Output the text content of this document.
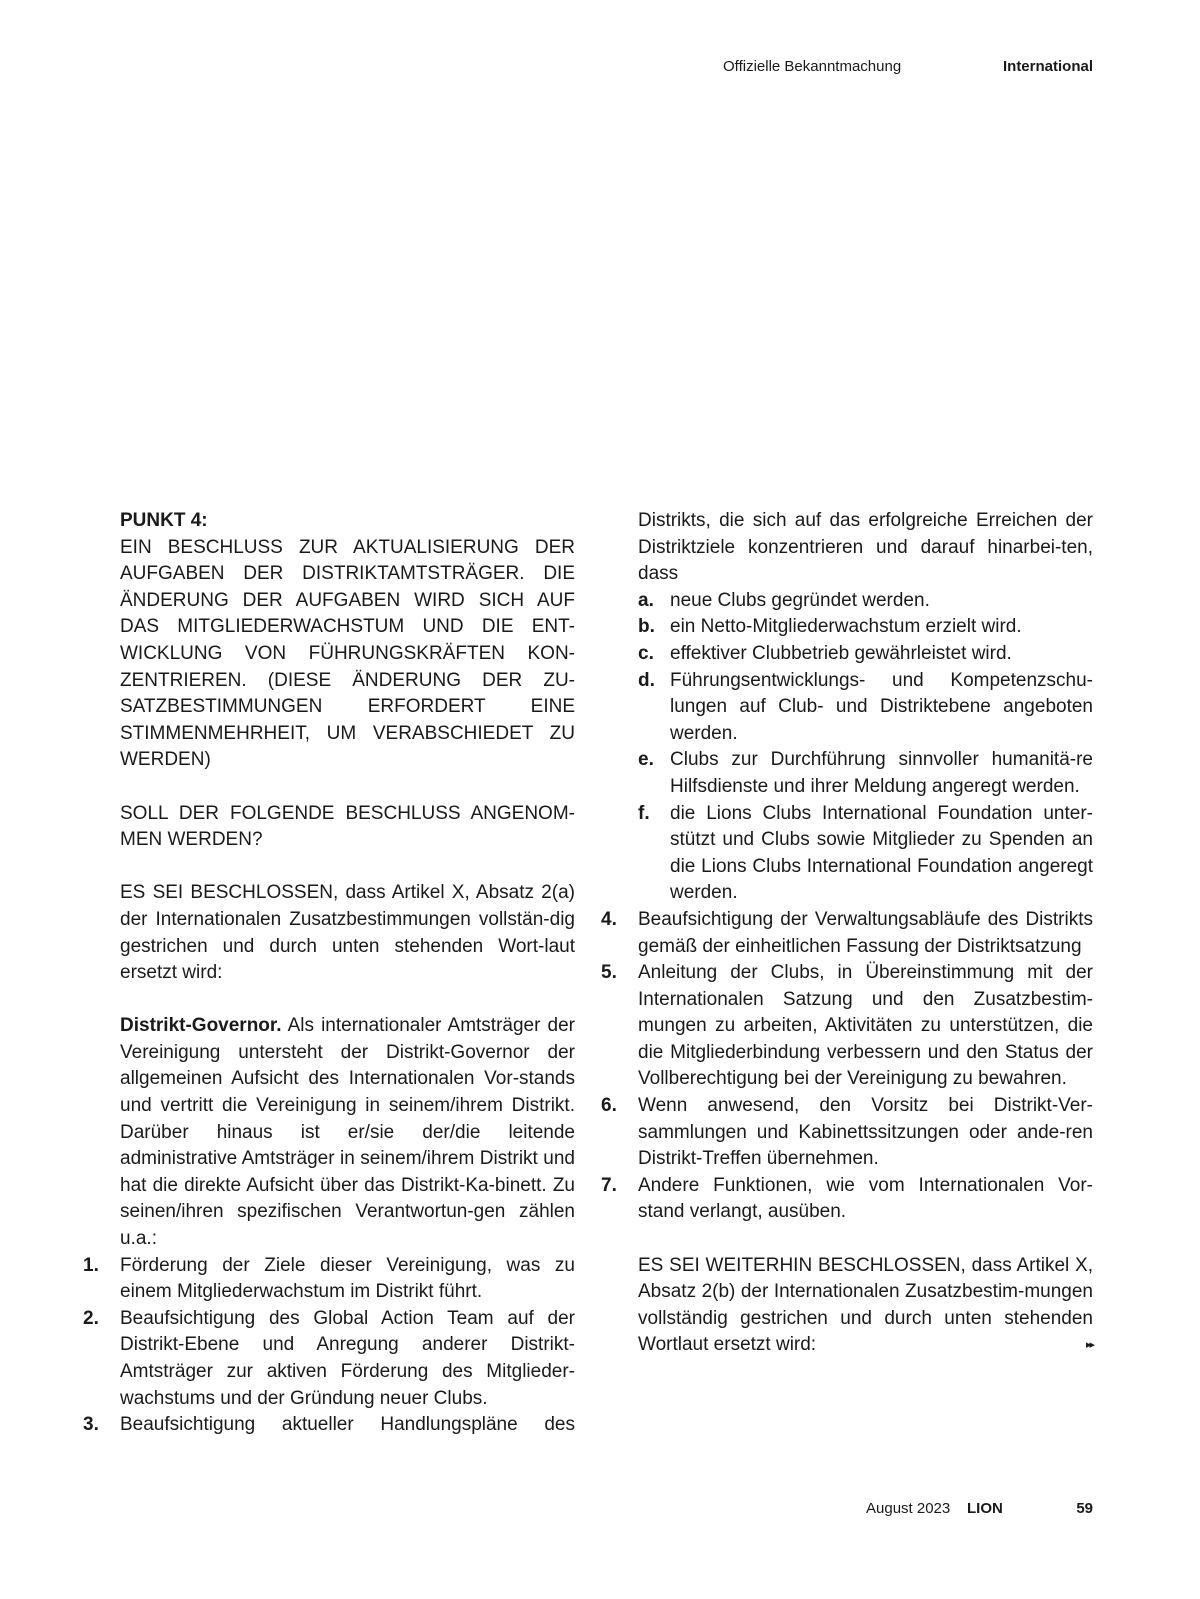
Offizielle Bekanntmachung	International

PUNKT 4:

EIN BESCHLUSS ZUR AKTUALISIERUNG DER AUFGABEN DER DISTRIKTAMTSTRÄGER. DIE ÄNDERUNG DER AUFGABEN WIRD SICH AUF DAS MITGLIEDERWACHSTUM UND DIE ENT-WICKLUNG VON FÜHRUNGSKRÄFTEN KON-ZENTRIEREN. (DIESE ÄNDERUNG DER ZU-SATZBESTIMMUNGEN ERFORDERT EINE STIMMENMEHRHEIT, UM VERABSCHIEDET ZU WERDEN)

SOLL DER FOLGENDE BESCHLUSS ANGENOM-MEN WERDEN?

ES SEI BESCHLOSSEN, dass Artikel X, Absatz 2(a) der Internationalen Zusatzbestimmungen vollstän-dig gestrichen und durch unten stehenden Wort-laut ersetzt wird:

Distrikt-Governor. Als internationaler Amtsträger der Vereinigung untersteht der Distrikt-Governor der allgemeinen Aufsicht des Internationalen Vor-stands und vertritt die Vereinigung in seinem/ihrem Distrikt. Darüber hinaus ist er/sie der/die leitende administrative Amtsträger in seinem/ihrem Distrikt und hat die direkte Aufsicht über das Distrikt-Ka-binett. Zu seinen/ihren spezifischen Verantwortun-gen zählen u.a.:

1. Förderung der Ziele dieser Vereinigung, was zu einem Mitgliederwachstum im Distrikt führt.
2. Beaufsichtigung des Global Action Team auf der Distrikt-Ebene und Anregung anderer Distrikt-Amtsträger zur aktiven Förderung des Mitglieder-wachstums und der Gründung neuer Clubs.
3. Beaufsichtigung aktueller Handlungspläne des

Distrikts, die sich auf das erfolgreiche Erreichen der Distriktziele konzentrieren und darauf hinarbei-ten, dass

a. neue Clubs gegründet werden.
b. ein Netto-Mitgliederwachstum erzielt wird.
c. effektiver Clubbetrieb gewährleistet wird.
d. Führungsentwicklungs- und Kompetenzschu-lungen auf Club- und Distriktebene angeboten werden.
e. Clubs zur Durchführung sinnvoller humanitä-re Hilfsdienste und ihrer Meldung angeregt werden.
f. die Lions Clubs International Foundation unter-stützt und Clubs sowie Mitglieder zu Spenden an die Lions Clubs International Foundation angeregt werden.
4. Beaufsichtigung der Verwaltungsabläufe des Distrikts gemäß der einheitlichen Fassung der Distriktsatzung
5. Anleitung der Clubs, in Übereinstimmung mit der Internationalen Satzung und den Zusatzbestim-mungen zu arbeiten, Aktivitäten zu unterstützen, die die Mitgliederbindung verbessern und den Status der Vollberechtigung bei der Vereinigung zu bewahren.
6. Wenn anwesend, den Vorsitz bei Distrikt-Ver-sammlungen und Kabinettssitzungen oder ande-ren Distrikt-Treffen übernehmen.
7. Andere Funktionen, wie vom Internationalen Vor-stand verlangt, ausüben.

ES SEI WEITERHIN BESCHLOSSEN, dass Artikel X, Absatz 2(b) der Internationalen Zusatzbestim-mungen vollständig gestrichen und durch unten stehenden Wortlaut ersetzt wird:	▸▸
August 2023 LION	59
